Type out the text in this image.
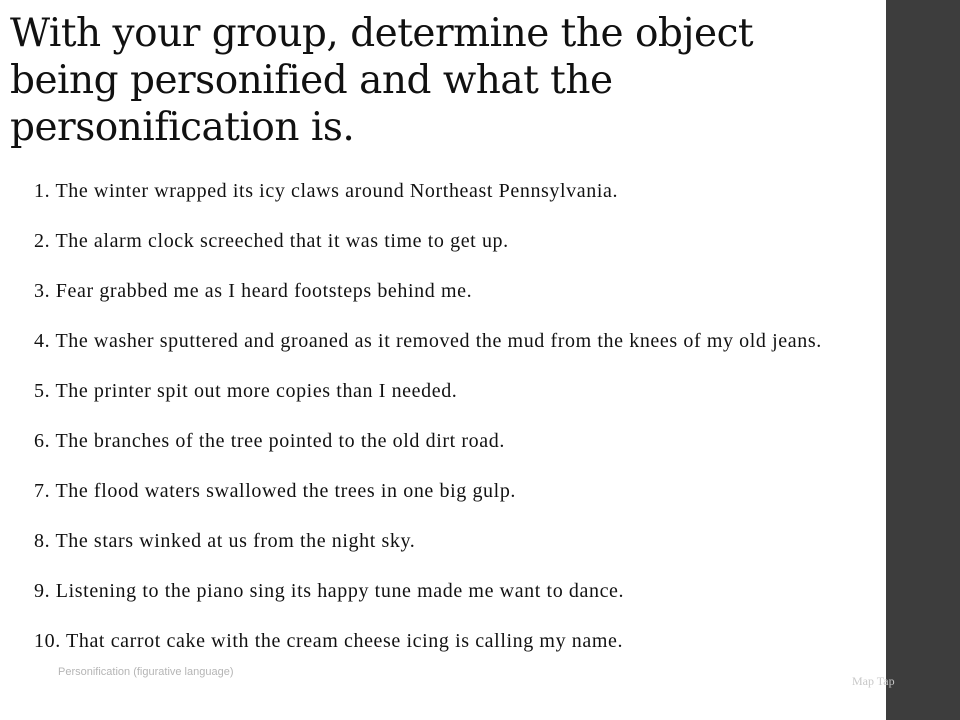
Personification (figurative language)
Map Tap
With your group, determine the object being personified and what the personification is.
1. The winter wrapped its icy claws around Northeast Pennsylvania.
2. The alarm clock screeched that it was time to get up.
3. Fear grabbed me as I heard footsteps behind me.
4. The washer sputtered and groaned as it removed the mud from the knees of my old jeans.
5. The printer spit out more copies than I needed.
6. The branches of the tree pointed to the old dirt road.
7. The flood waters swallowed the trees in one big gulp.
8. The stars winked at us from the night sky.
9. Listening to the piano sing its happy tune made me want to dance.
10. That carrot cake with the cream cheese icing is calling my name.
